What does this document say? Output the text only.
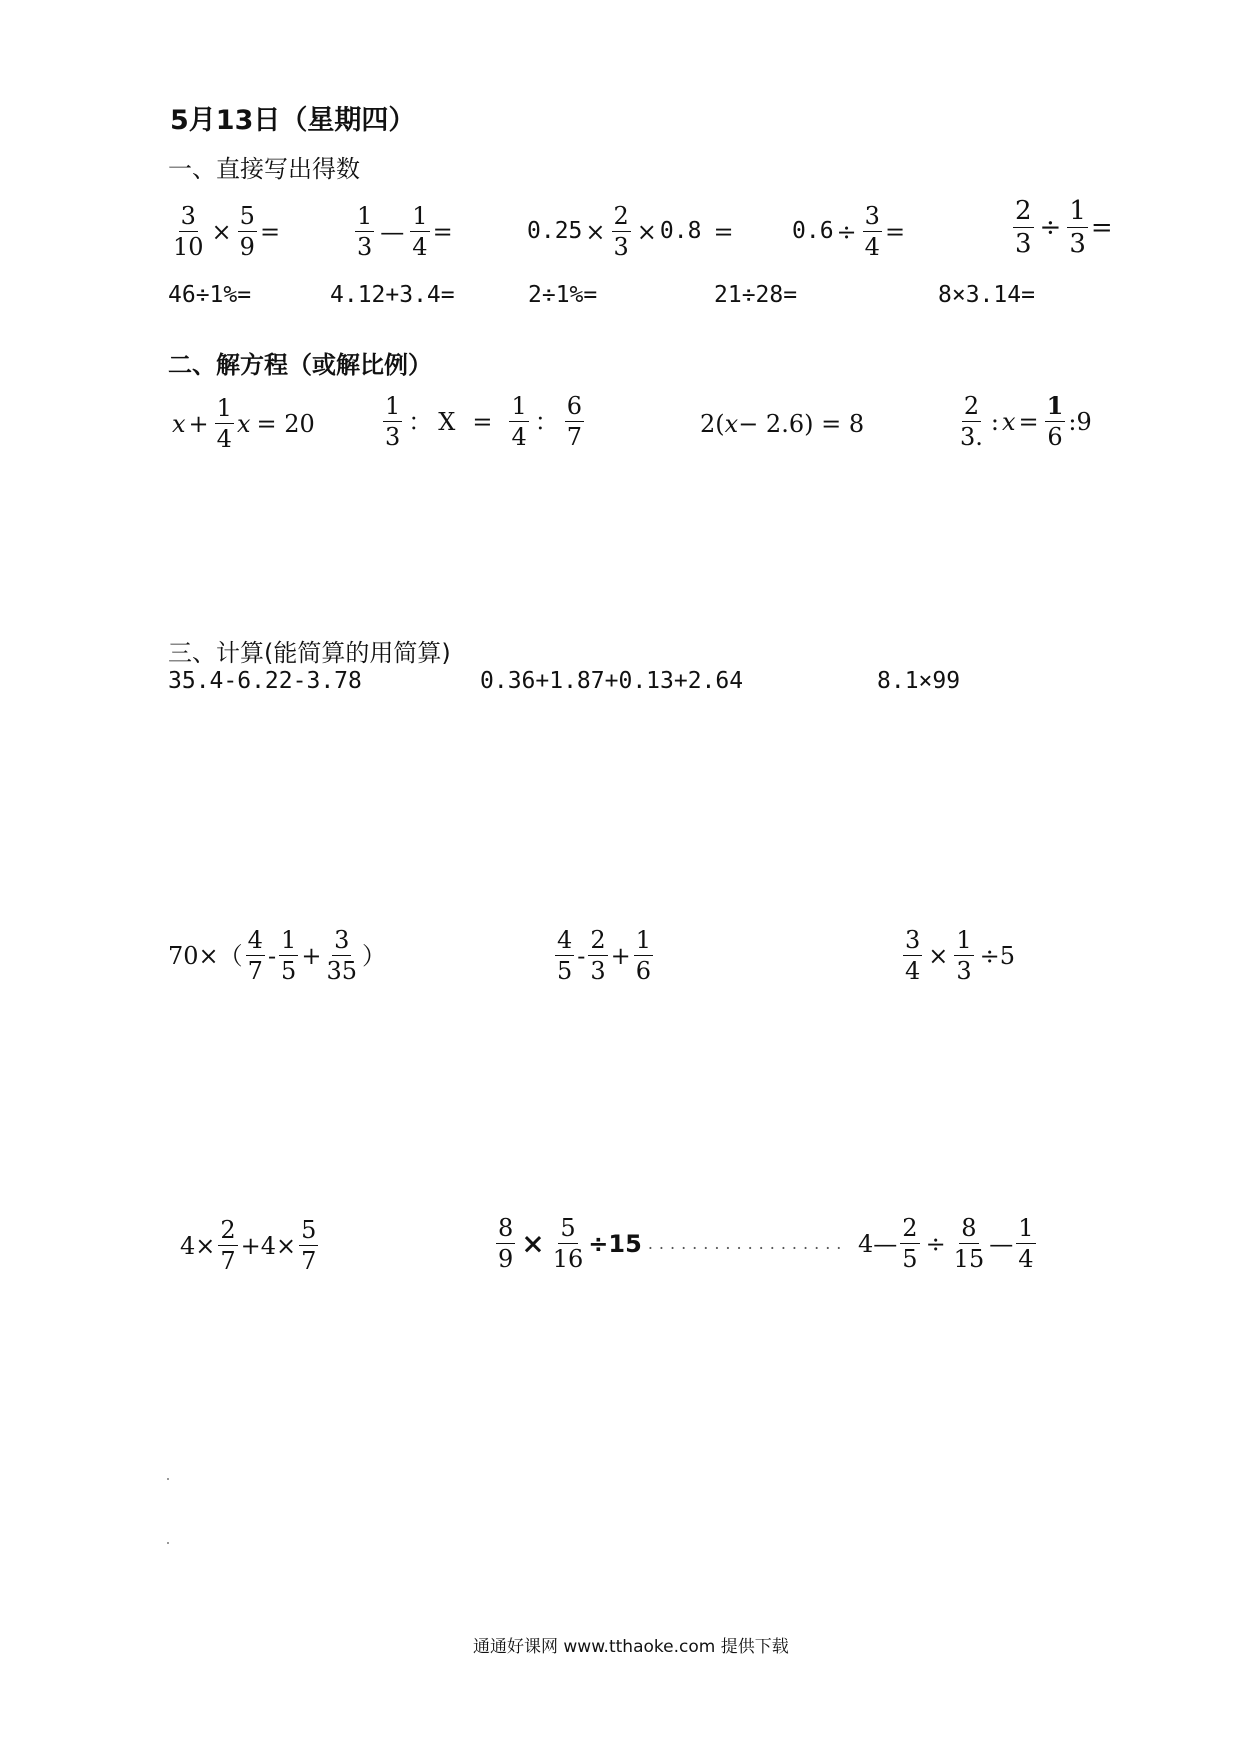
5月13日（星期四）
一、直接写出得数
$\frac{3}{10} \times \frac{5}{9}$ =	$\frac{1}{3}$ — $\frac{1}{4}$ =	$0.25 \times \frac{2}{3} \times 0.8$ =	$0.6 \div \frac{3}{4}$ =	$\frac{2}{3} \div \frac{1}{3}$ =
46÷1%=	4.12+3.4=	2÷1%=	21÷28=	8×3.14=
二、解方程（或解比例）
$x + \frac{1}{4}$ x = 20	$\frac{1}{3}$ ： $X = \frac{1}{4}$ ： $\frac{6}{7}$	2( x − 2.6) = 8	$\frac{2}{3.}$ : $x = \frac{1}{6}$ :9
三、计算(能简算的用简算)
35.4-6.22-3.78	0.36+1.87+0.13+2.64	8.1×99
$70\times( \frac{4}{7} - \frac{1}{5} + \frac{3}{35}$ ）	$\frac{4}{5} - \frac{2}{3} + \frac{1}{6}$	$\frac{3}{4} \times \frac{1}{3} \div 5$
$4\times \frac{2}{7} +4\times \frac{5}{7}$	$\frac{8}{9} \times \frac{5}{16} \div 15$ .................. 4— $\frac{2}{5} \div \frac{8}{15}$ — $\frac{1}{4}$
通通好课网 www.tthaoke.com 提供下载
